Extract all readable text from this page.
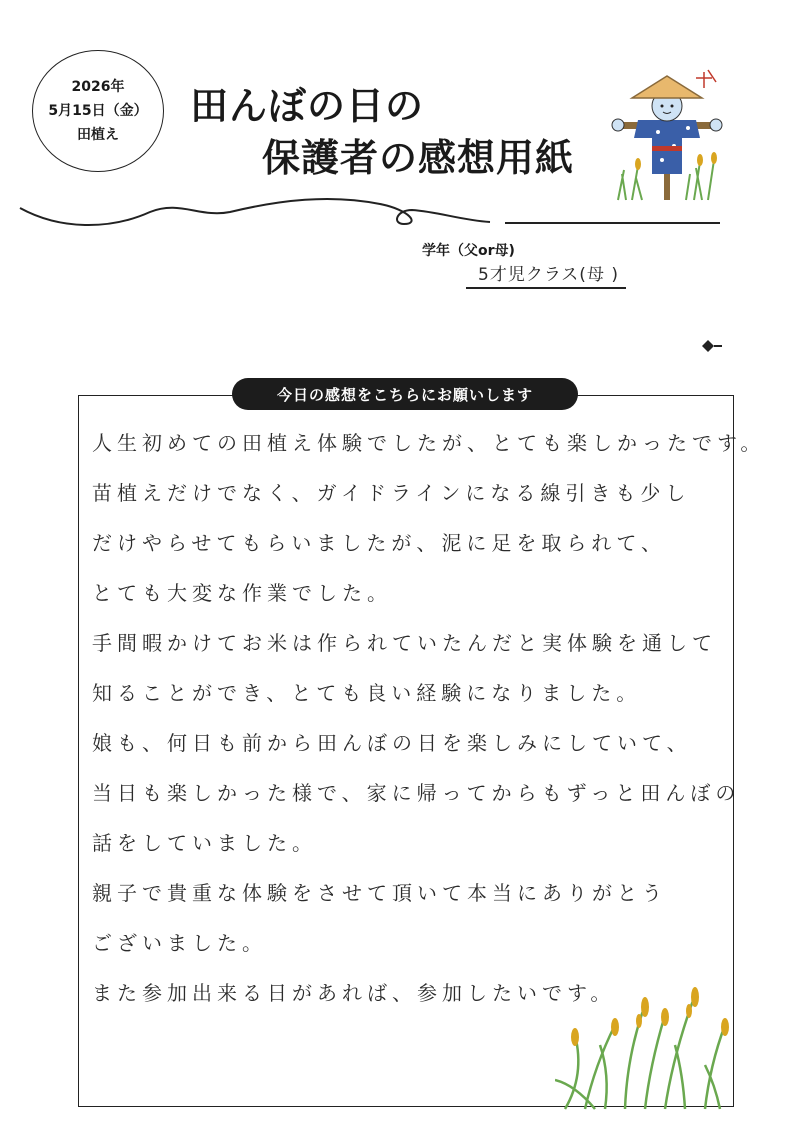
2026年
5月15日（金）
田植え
田んぼの日の
保護者の感想用紙
学年（父or母)
5才児クラス(母 )
今日の感想をこちらにお願いします
人生初めての田植え体験でしたが、とても楽しかったです。
苗植えだけでなく、ガイドラインになる線引きも少し
だけやらせてもらいましたが、泥に足を取られて、
とても大変な作業でした。
手間暇かけてお米は作られていたんだと実体験を通して
知ることができ、とても良い経験になりました。
娘も、何日も前から田んぼの日を楽しみにしていて、
当日も楽しかった様で、家に帰ってからもずっと田んぼの
話をしていました。
親子で貴重な体験をさせて頂いて本当にありがとう
ございました。
また参加出来る日があれば、参加したいです。
